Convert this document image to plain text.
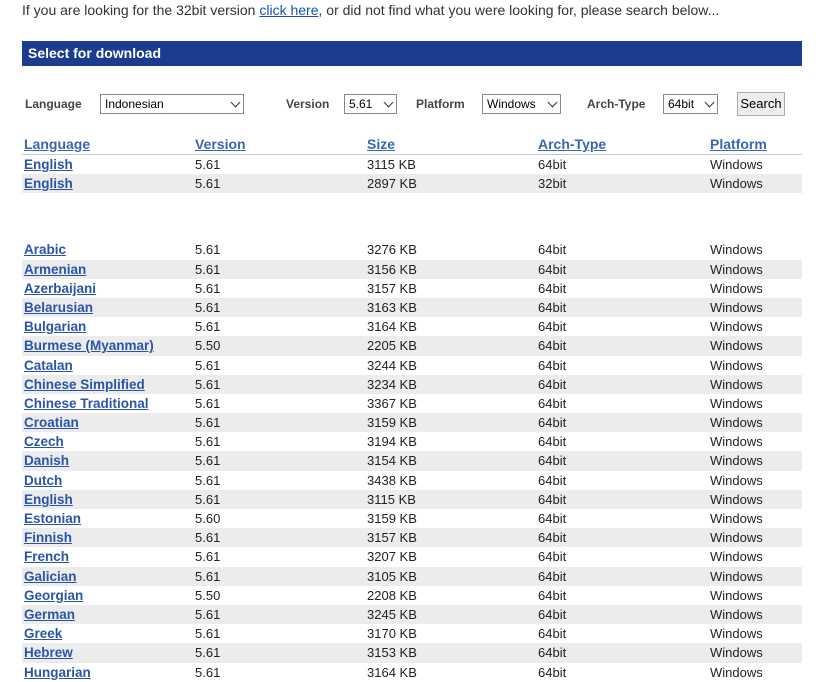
If you are looking for the 32bit version click here, or did not find what you were looking for, please search below...
Select for download
Language	Indonesian	Version	5.61	Platform	Windows	Arch-Type	64bit	Search
Language	Version	Size	Arch-Type	Platform
English	5.61	3115 KB	64bit	Windows
English	5.61	2897 KB	32bit	Windows
Arabic	5.61	3276 KB	64bit	Windows
Armenian	5.61	3156 KB	64bit	Windows
Azerbaijani	5.61	3157 KB	64bit	Windows
Belarusian	5.61	3163 KB	64bit	Windows
Bulgarian	5.61	3164 KB	64bit	Windows
Burmese (Myanmar)	5.50	2205 KB	64bit	Windows
Catalan	5.61	3244 KB	64bit	Windows
Chinese Simplified	5.61	3234 KB	64bit	Windows
Chinese Traditional	5.61	3367 KB	64bit	Windows
Croatian	5.61	3159 KB	64bit	Windows
Czech	5.61	3194 KB	64bit	Windows
Danish	5.61	3154 KB	64bit	Windows
Dutch	5.61	3438 KB	64bit	Windows
English	5.61	3115 KB	64bit	Windows
Estonian	5.60	3159 KB	64bit	Windows
Finnish	5.61	3157 KB	64bit	Windows
French	5.61	3207 KB	64bit	Windows
Galician	5.61	3105 KB	64bit	Windows
Georgian	5.50	2208 KB	64bit	Windows
German	5.61	3245 KB	64bit	Windows
Greek	5.61	3170 KB	64bit	Windows
Hebrew	5.61	3153 KB	64bit	Windows
Hungarian	5.61	3164 KB	64bit	Windows
